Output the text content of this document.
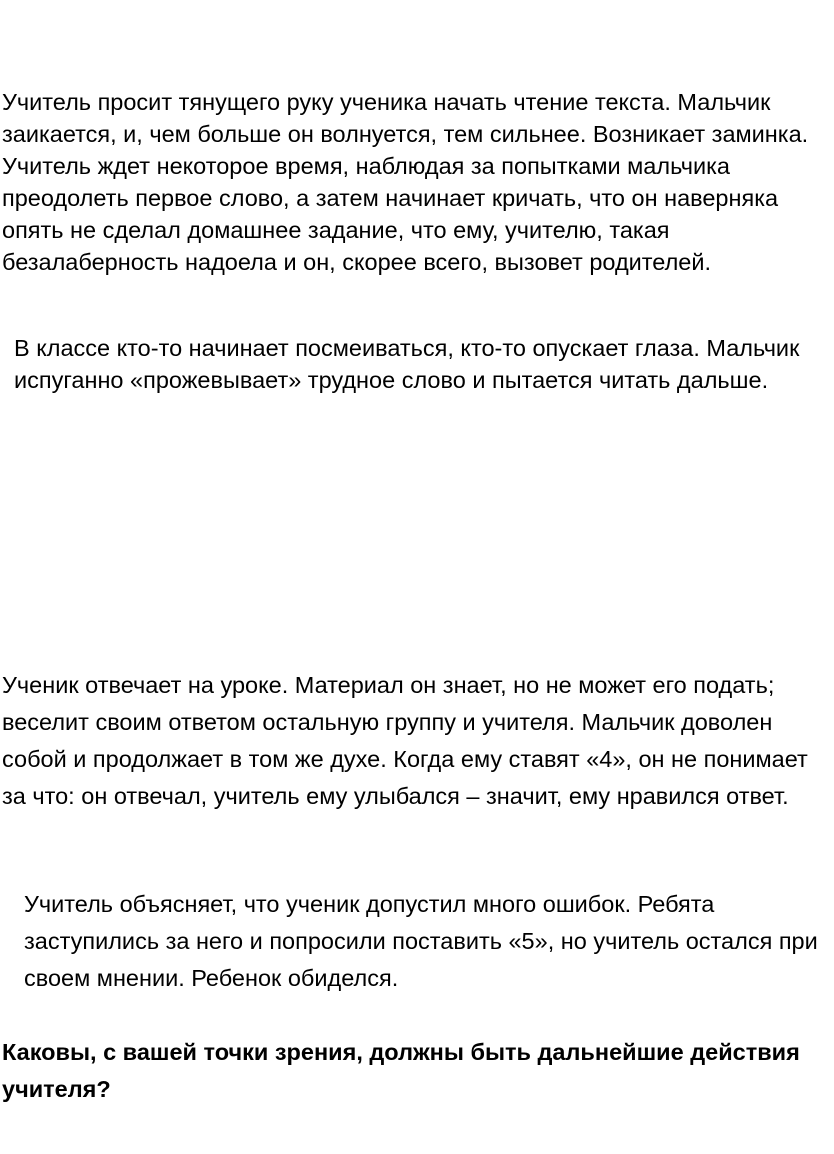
Учитель просит тянущего руку ученика начать чтение текста. Мальчик заикается, и, чем больше он волнуется, тем сильнее. Возникает заминка. Учитель ждет некоторое время, наблюдая за попытками мальчика преодолеть первое слово, а затем начинает кричать, что он наверняка опять не сделал домашнее задание, что ему, учителю, такая безалаберность надоела и он, скорее всего, вызовет родителей.

В классе кто-то начинает посмеиваться, кто-то опускает глаза. Мальчик испуганно «прожевывает» трудное слово и пытается читать дальше.

Ученик отвечает на уроке. Материал он знает, но не может его подать; веселит своим ответом остальную группу и учителя. Мальчик доволен собой и продолжает в том же духе. Когда ему ставят «4», он не понимает за что: он отвечал, учитель ему улыбался – значит, ему нравился ответ.

Учитель объясняет, что ученик допустил много ошибок. Ребята заступились за него и попросили поставить «5», но учитель остался при своем мнении. Ребенок обиделся.

Каковы, с вашей точки зрения, должны быть дальнейшие действия учителя?
